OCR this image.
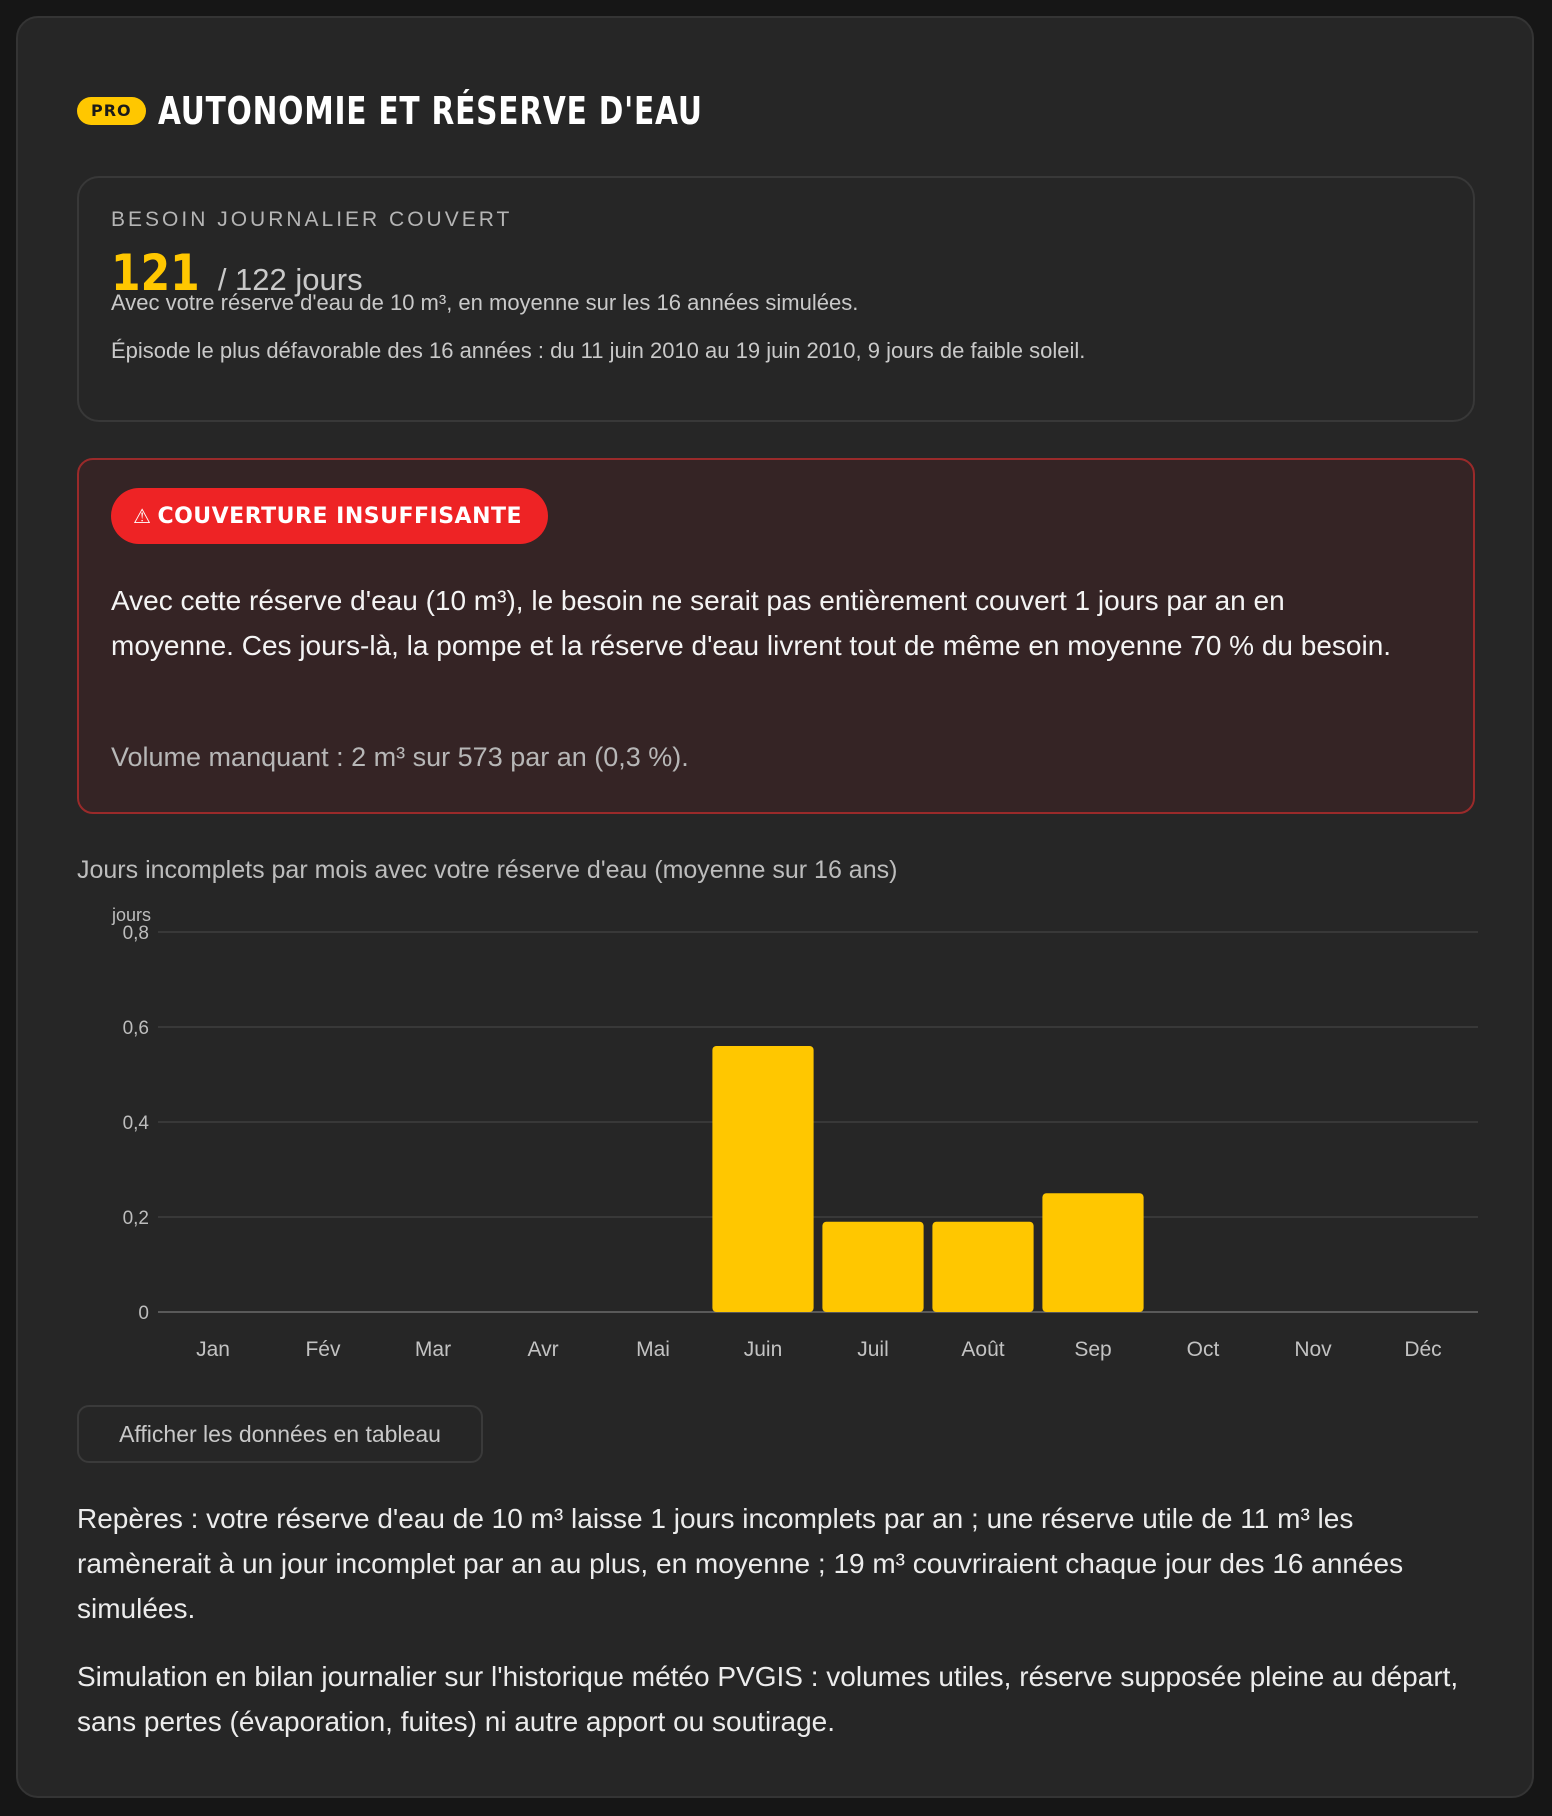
PRO AUTONOMIE ET RÉSERVE D'EAU
BESOIN JOURNALIER COUVERT
121 / 122 jours
Avec votre réserve d'eau de 10 m³, en moyenne sur les 16 années simulées.
Épisode le plus défavorable des 16 années : du 11 juin 2010 au 19 juin 2010, 9 jours de faible soleil.
⚠ COUVERTURE INSUFFISANTE
Avec cette réserve d'eau (10 m³), le besoin ne serait pas entièrement couvert 1 jours par an en moyenne. Ces jours-là, la pompe et la réserve d'eau livrent tout de même en moyenne 70 % du besoin.
Volume manquant : 2 m³ sur 573 par an (0,3 %).
Jours incomplets par mois avec votre réserve d'eau (moyenne sur 16 ans)
jours
0
0,2
0,4
0,6
0,8
Jan	Fév	Mar	Avr	Mai	Juin	Juil	Août	Sep	Oct	Nov	Déc
Afficher les données en tableau
Repères : votre réserve d'eau de 10 m³ laisse 1 jours incomplets par an ; une réserve utile de 11 m³ les ramènerait à un jour incomplet par an au plus, en moyenne ; 19 m³ couvriraient chaque jour des 16 années simulées.
Simulation en bilan journalier sur l'historique météo PVGIS : volumes utiles, réserve supposée pleine au départ, sans pertes (évaporation, fuites) ni autre apport ou soutirage.
